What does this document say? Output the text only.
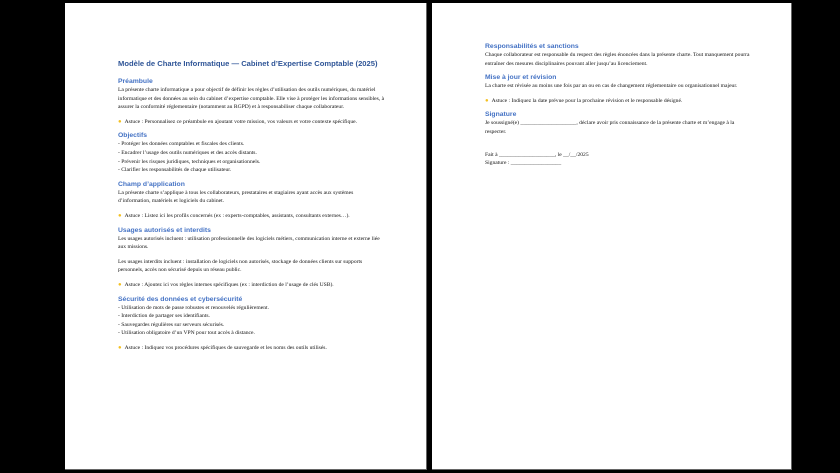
Modèle de Charte Informatique — Cabinet d’Expertise Comptable (2025)
Préambule

La présente charte informatique a pour objectif de définir les règles d’utilisation des outils numériques, du matériel informatique et des données au sein du cabinet d’expertise comptable. Elle vise à protéger les informations sensibles, à assurer la conformité réglementaire (notamment au RGPD) et à responsabiliser chaque collaborateur.

● Astuce : Personnalisez ce préambule en ajoutant votre mission, vos valeurs et votre contexte spécifique.

Objectifs
- Protéger les données comptables et fiscales des clients.
- Encadrer l’usage des outils numériques et des accès distants.
- Prévenir les risques juridiques, techniques et organisationnels.
- Clarifier les responsabilités de chaque utilisateur.
Champ d’application

La présente charte s’applique à tous les collaborateurs, prestataires et stagiaires ayant accès aux systèmes d’information, matériels et logiciels du cabinet.

● Astuce : Listez ici les profils concernés (ex : experts-comptables, assistants, consultants externes…).

Usages autorisés et interdits

Les usages autorisés incluent : utilisation professionnelle des logiciels métiers, communication interne et externe liée aux missions.

Les usages interdits incluent : installation de logiciels non autorisés, stockage de données clients sur supports personnels, accès non sécurisé depuis un réseau public.

● Astuce : Ajoutez ici vos règles internes spécifiques (ex : interdiction de l’usage de clés USB).

Sécurité des données et cybersécurité
- Utilisation de mots de passe robustes et renouvelés régulièrement.
- Interdiction de partager ses identifiants.
- Sauvegardes régulières sur serveurs sécurisés.
- Utilisation obligatoire d’un VPN pour tout accès à distance.

● Astuce : Indiquez vos procédures spécifiques de sauvegarde et les noms des outils utilisés.

Responsabilités et sanctions

Chaque collaborateur est responsable du respect des règles énoncées dans la présente charte. Tout manquement pourra entraîner des mesures disciplinaires pouvant aller jusqu’au licenciement.

Mise à jour et révision

La charte est révisée au moins une fois par an ou en cas de changement réglementaire ou organisationnel majeur.

● Astuce : Indiquez la date prévue pour la prochaine révision et le responsable désigné.

Signature

Je soussigné(e) ____________________, déclare avoir pris connaissance de la présente charte et m’engage à la respecter.

Fait à ____________________, le __/__/2025
Signature : __________________
